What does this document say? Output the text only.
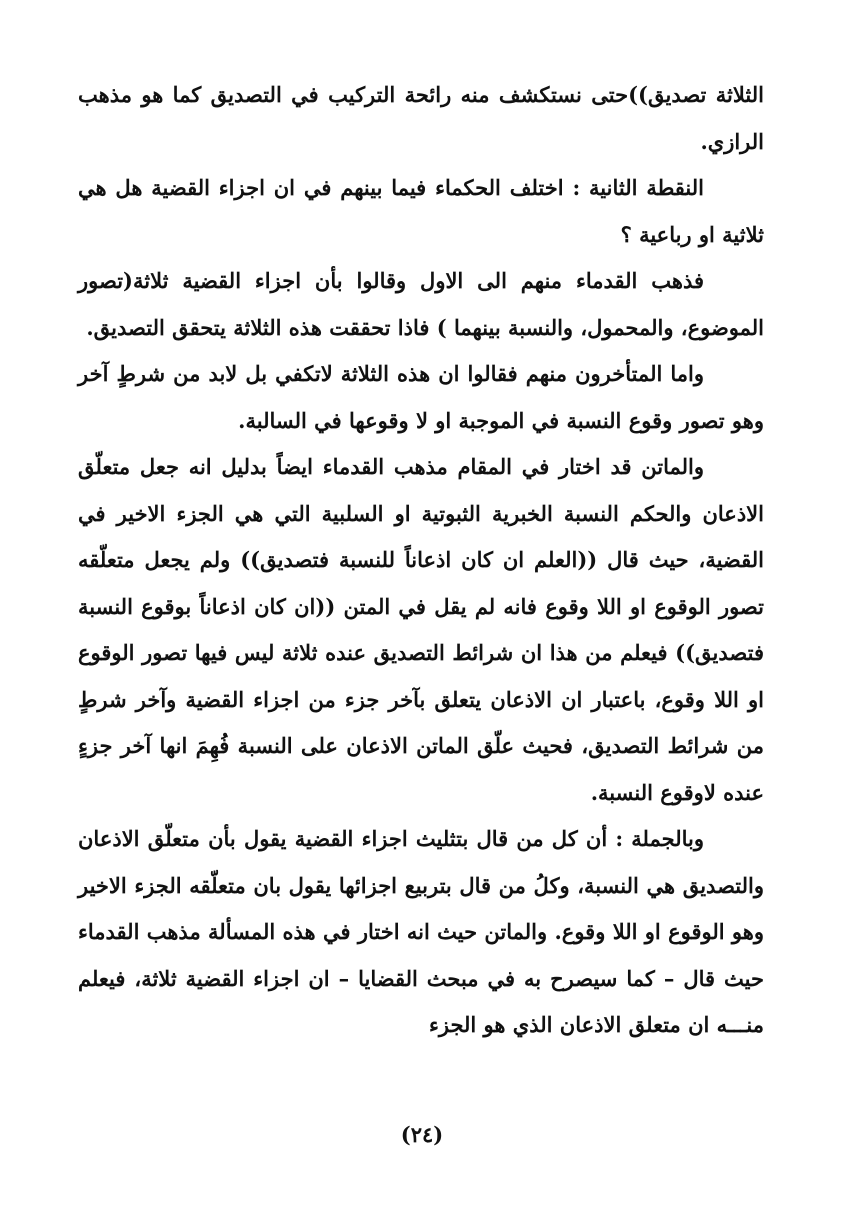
الثلاثة تصديق))حتى نستكشف منه رائحة التركيب في التصديق كما هو مذهب الرازي.

النقطة الثانية : اختلف الحكماء فيما بينهم في ان اجزاء القضية هل هي ثلاثية او رباعية ؟

فذهب القدماء منهم الى الاول وقالوا بأن اجزاء القضية ثلاثة(تصور الموضوع، والمحمول، والنسبة بينهما ) فاذا تحققت هذه الثلاثة يتحقق التصديق.

واما المتأخرون منهم فقالوا ان هذه الثلاثة لاتكفي بل لابد من شرطٍ آخر وهو تصور وقوع النسبة في الموجبة او لا وقوعها في السالبة.

والماتن قد اختار في المقام مذهب القدماء ايضاً بدليل انه جعل متعلّق الاذعان والحكم النسبة الخبرية الثبوتية او السلبية التي هي الجزء الاخير في القضية، حيث قال ((العلم ان كان اذعاناً للنسبة فتصديق)) ولم يجعل متعلّقه تصور الوقوع او اللا وقوع فانه لم يقل في المتن ((ان كان اذعاناً بوقوع النسبة فتصديق)) فيعلم من هذا ان شرائط التصديق عنده ثلاثة ليس فيها تصور الوقوع او اللا وقوع، باعتبار ان الاذعان يتعلق بآخر جزء من اجزاء القضية وآخر شرطٍ من شرائط التصديق، فحيث علّق الماتن الاذعان على النسبة فُهِمَ انها آخر جزءٍ عنده لاوقوع النسبة.

وبالجملة : أن كل من قال بتثليث اجزاء القضية يقول بأن متعلّق الاذعان والتصديق هي النسبة، وكلُ من قال بتربيع اجزائها يقول بان متعلّقه الجزء الاخير وهو الوقوع او اللا وقوع. والماتن حيث انه اختار في هذه المسألة مذهب القدماء حيث قال – كما سيصرح به في مبحث القضايا – ان اجزاء القضية ثلاثة، فيعلم منـــه ان متعلق الاذعان الذي هو الجزء

(٢٤)
